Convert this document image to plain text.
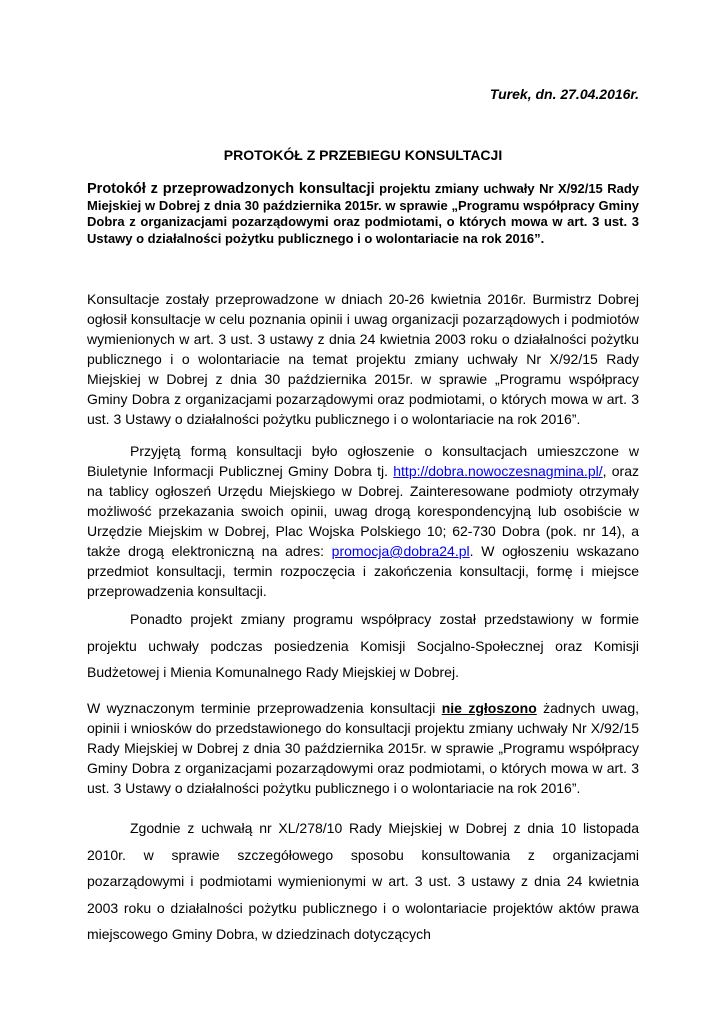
Turek, dn. 27.04.2016r.
PROTOKÓŁ Z PRZEBIEGU KONSULTACJI
Protokół z przeprowadzonych konsultacji projektu zmiany uchwały Nr X/92/15 Rady Miejskiej w Dobrej z dnia 30 października 2015r. w sprawie „Programu współpracy Gminy Dobra z organizacjami pozarządowymi oraz podmiotami, o których mowa w art. 3 ust. 3 Ustawy o działalności pożytku publicznego i o wolontariacie na rok 2016”.

Konsultacje zostały przeprowadzone w dniach 20-26 kwietnia 2016r. Burmistrz Dobrej ogłosił konsultacje w celu poznania opinii i uwag organizacji pozarządowych i podmiotów wymienionych w art. 3 ust. 3 ustawy z dnia 24 kwietnia 2003 roku o działalności pożytku publicznego i o wolontariacie na temat projektu zmiany uchwały Nr X/92/15 Rady Miejskiej w Dobrej z dnia 30 października 2015r. w sprawie „Programu współpracy Gminy Dobra z organizacjami pozarządowymi oraz podmiotami, o których mowa w art. 3 ust. 3 Ustawy o działalności pożytku publicznego i o wolontariacie na rok 2016”.

Przyjętą formą konsultacji było ogłoszenie o konsultacjach umieszczone w Biuletynie Informacji Publicznej Gminy Dobra tj. http://dobra.nowoczesnagmina.pl/, oraz na tablicy ogłoszeń Urzędu Miejskiego w Dobrej. Zainteresowane podmioty otrzymały możliwość przekazania swoich opinii, uwag drogą korespondencyjną lub osobiście w Urzędzie Miejskim w Dobrej, Plac Wojska Polskiego 10; 62-730 Dobra (pok. nr 14), a także drogą elektroniczną na adres: promocja@dobra24.pl. W ogłoszeniu wskazano przedmiot konsultacji, termin rozpoczęcia i zakończenia konsultacji, formę i miejsce przeprowadzenia konsultacji.

Ponadto projekt zmiany programu współpracy został przedstawiony w formie projektu uchwały podczas posiedzenia Komisji Socjalno-Społecznej oraz Komisji Budżetowej i Mienia Komunalnego Rady Miejskiej w Dobrej.

W wyznaczonym terminie przeprowadzenia konsultacji nie zgłoszono żadnych uwag, opinii i wniosków do przedstawionego do konsultacji projektu zmiany uchwały Nr X/92/15 Rady Miejskiej w Dobrej z dnia 30 października 2015r. w sprawie „Programu współpracy Gminy Dobra z organizacjami pozarządowymi oraz podmiotami, o których mowa w art. 3 ust. 3 Ustawy o działalności pożytku publicznego i o wolontariacie na rok 2016”.

Zgodnie z uchwałą nr XL/278/10 Rady Miejskiej w Dobrej z dnia 10 listopada 2010r. w sprawie szczegółowego sposobu konsultowania z organizacjami pozarządowymi i podmiotami wymienionymi w art. 3 ust. 3 ustawy z dnia 24 kwietnia 2003 roku o działalności pożytku publicznego i o wolontariacie projektów aktów prawa miejscowego Gminy Dobra, w dziedzinach dotyczących
